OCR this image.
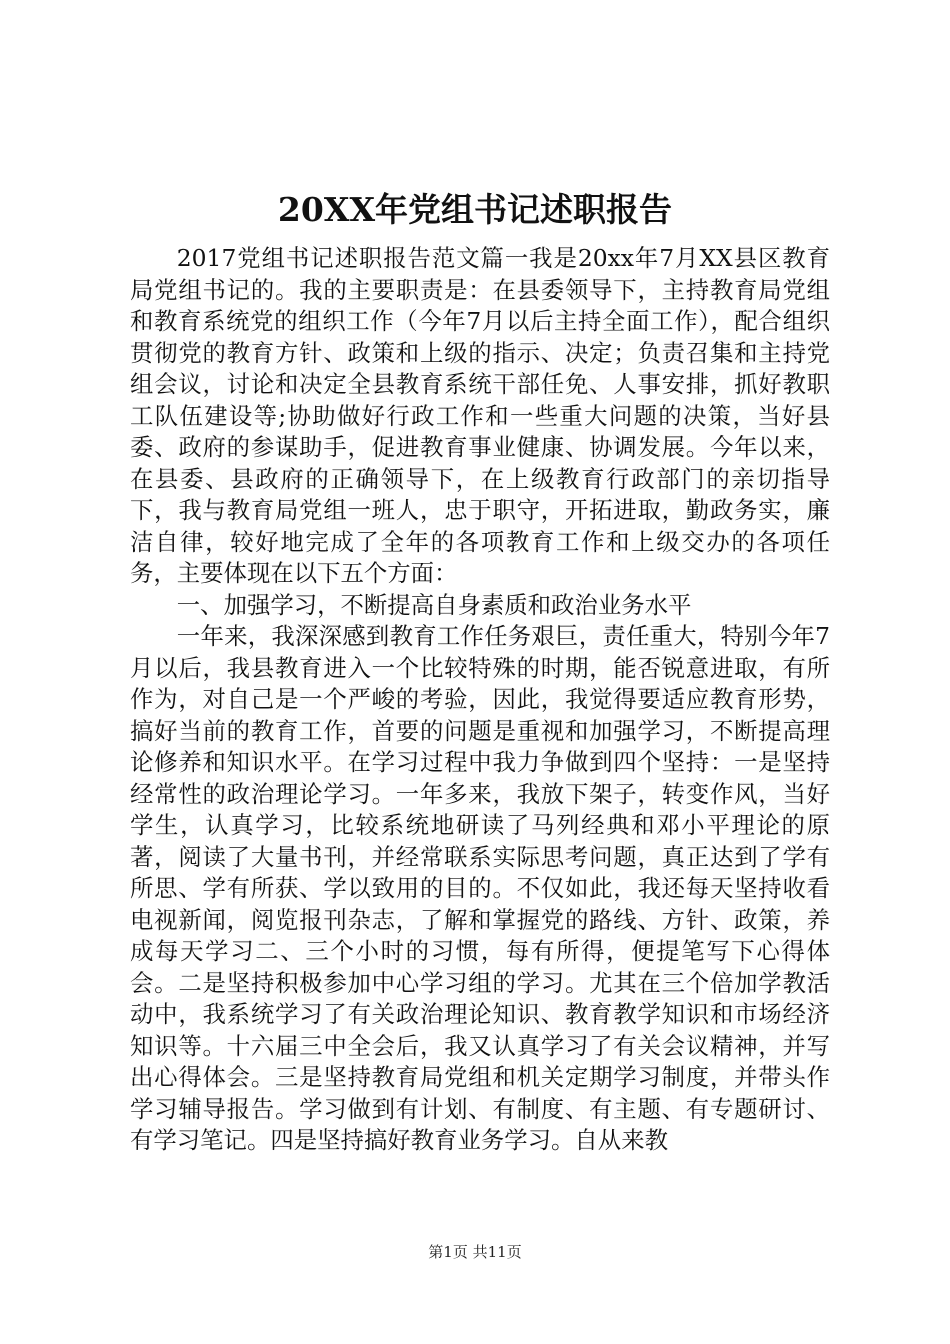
20XX年党组书记述职报告

2017党组书记述职报告范文篇一我是20xx年7月XX县区教育局党组书记的。我的主要职责是：在县委领导下，主持教育局党组和教育系统党的组织工作（今年7月以后主持全面工作），配合组织贯彻党的教育方针、政策和上级的指示、决定；负责召集和主持党组会议，讨论和决定全县教育系统干部任免、人事安排，抓好教职工队伍建设等;协助做好行政工作和一些重大问题的决策，当好县委、政府的参谋助手，促进教育事业健康、协调发展。今年以来，在县委、县政府的正确领导下，在上级教育行政部门的亲切指导下，我与教育局党组一班人，忠于职守，开拓进取，勤政务实，廉洁自律，较好地完成了全年的各项教育工作和上级交办的各项任务，主要体现在以下五个方面：

一、加强学习，不断提高自身素质和政治业务水平

一年来，我深深感到教育工作任务艰巨，责任重大，特别今年7月以后，我县教育进入一个比较特殊的时期，能否锐意进取，有所作为，对自己是一个严峻的考验，因此，我觉得要适应教育形势，搞好当前的教育工作，首要的问题是重视和加强学习，不断提高理论修养和知识水平。在学习过程中我力争做到四个坚持：一是坚持经常性的政治理论学习。一年多来，我放下架子，转变作风，当好学生，认真学习，比较系统地研读了马列经典和邓小平理论的原著，阅读了大量书刊，并经常联系实际思考问题，真正达到了学有所思、学有所获、学以致用的目的。不仅如此，我还每天坚持收看电视新闻，阅览报刊杂志，了解和掌握党的路线、方针、政策，养成每天学习二、三个小时的习惯，每有所得，便提笔写下心得体会。二是坚持积极参加中心学习组的学习。尤其在三个倍加学教活动中，我系统学习了有关政治理论知识、教育教学知识和市场经济知识等。十六届三中全会后，我又认真学习了有关会议精神，并写出心得体会。三是坚持教育局党组和机关定期学习制度，并带头作学习辅导报告。学习做到有计划、有制度、有主题、有专题研讨、有学习笔记。四是坚持搞好教育业务学习。自从来教

第1页 共11页
